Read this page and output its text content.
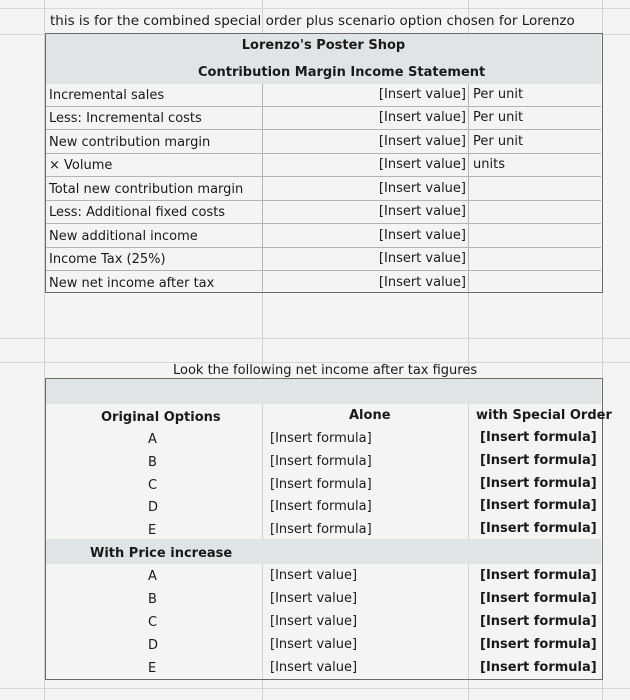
this is for the combined special order plus scenario option chosen for Lorenzo
Lorenzo's Poster Shop
Contribution Margin Income Statement
Incremental sales	[Insert value] Per unit
Less: Incremental costs	[Insert value] Per unit
New contribution margin	[Insert value] Per unit
× Volume	[Insert value] units
Total new contribution margin	[Insert value]
Less: Additional fixed costs	[Insert value]
New additional income	[Insert value]
Income Tax (25%)	[Insert value]
New net income after tax	[Insert value]
Look the following net income after tax figures
Original Options	Alone	with Special Order
A	[Insert formula]	[Insert formula]
B	[Insert formula]	[Insert formula]
C	[Insert formula]	[Insert formula]
D	[Insert formula]	[Insert formula]
E	[Insert formula]	[Insert formula]
With Price increase
A	[Insert value]	[Insert formula]
B	[Insert value]	[Insert formula]
C	[Insert value]	[Insert formula]
D	[Insert value]	[Insert formula]
E	[Insert value]	[Insert formula]
